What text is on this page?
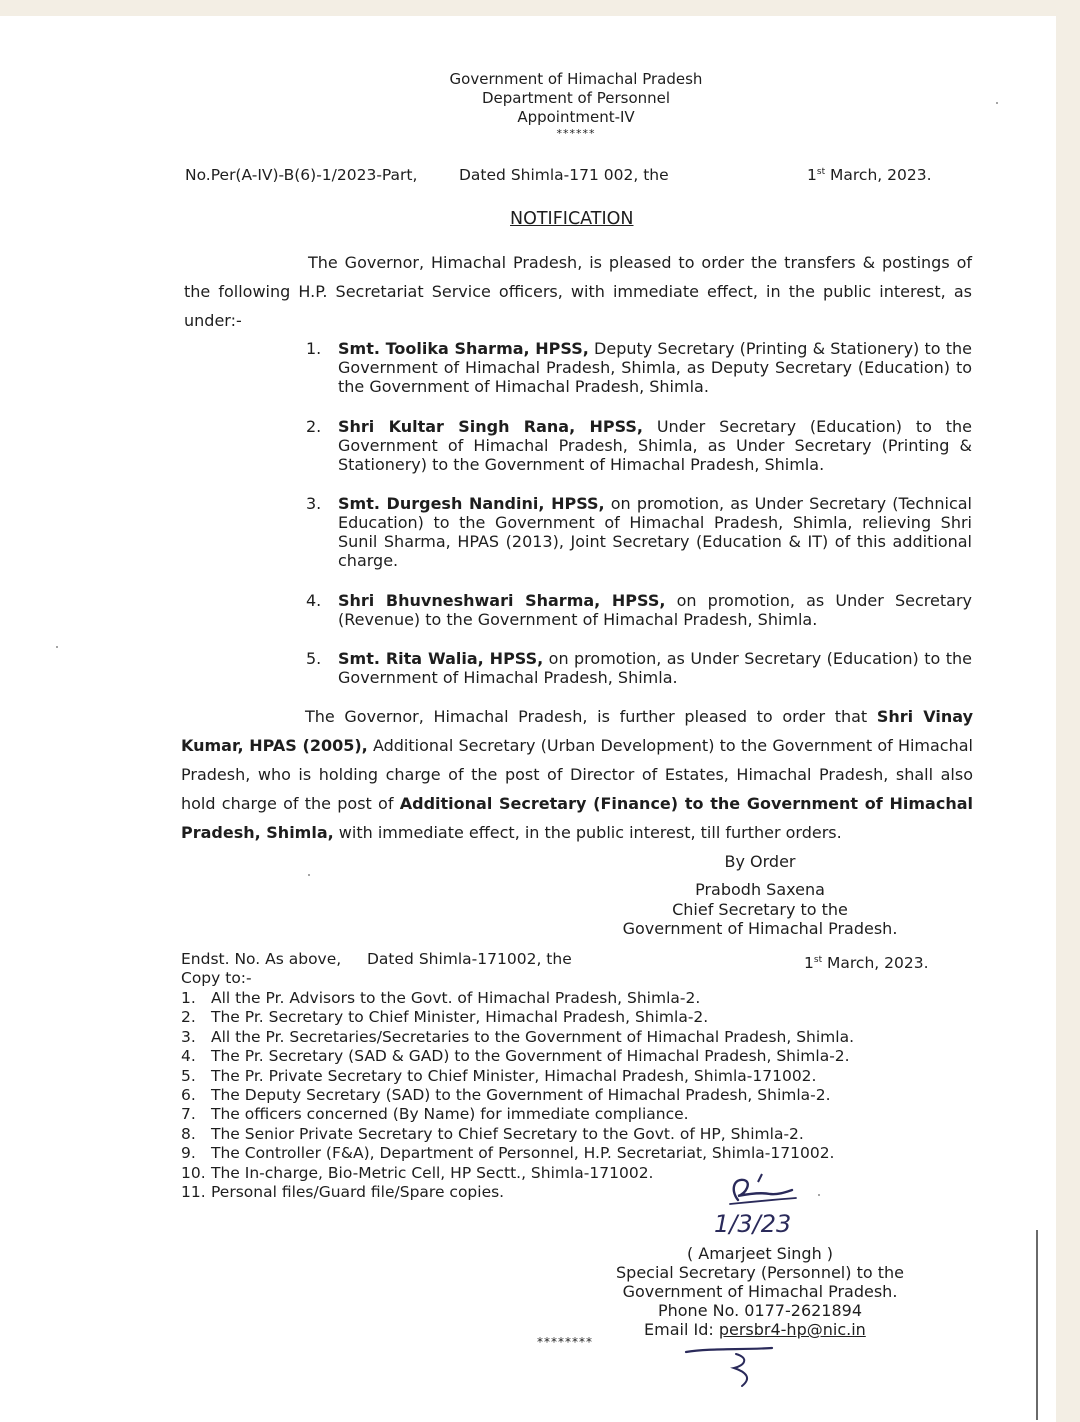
Government of Himachal Pradesh
Department of Personnel
Appointment-IV
******
No.Per(A-IV)-B(6)-1/2023-Part,	Dated Shimla-171 002, the	1st March, 2023.
NOTIFICATION
The Governor, Himachal Pradesh, is pleased to order the transfers & postings of the following H.P. Secretariat Service officers, with immediate effect, in the public interest, as under:-
1.	Smt. Toolika Sharma, HPSS, Deputy Secretary (Printing & Stationery) to the Government of Himachal Pradesh, Shimla, as Deputy Secretary (Education) to the Government of Himachal Pradesh, Shimla.
2.	Shri Kultar Singh Rana, HPSS, Under Secretary (Education) to the Government of Himachal Pradesh, Shimla, as Under Secretary (Printing & Stationery) to the Government of Himachal Pradesh, Shimla.
3.	Smt. Durgesh Nandini, HPSS, on promotion, as Under Secretary (Technical Education) to the Government of Himachal Pradesh, Shimla, relieving Shri Sunil Sharma, HPAS (2013), Joint Secretary (Education & IT) of this additional charge.
4.	Shri Bhuvneshwari Sharma, HPSS, on promotion, as Under Secretary (Revenue) to the Government of Himachal Pradesh, Shimla.
5.	Smt. Rita Walia, HPSS, on promotion, as Under Secretary (Education) to the Government of Himachal Pradesh, Shimla.
The Governor, Himachal Pradesh, is further pleased to order that Shri Vinay Kumar, HPAS (2005), Additional Secretary (Urban Development) to the Government of Himachal Pradesh, who is holding charge of the post of Director of Estates, Himachal Pradesh, shall also hold charge of the post of Additional Secretary (Finance) to the Government of Himachal Pradesh, Shimla, with immediate effect, in the public interest, till further orders.
By Order
Prabodh Saxena
Chief Secretary to the
Government of Himachal Pradesh.
Endst. No. As above, Dated Shimla-171002, the	1st March, 2023.
Copy to:-
1. All the Pr. Advisors to the Govt. of Himachal Pradesh, Shimla-2.
2. The Pr. Secretary to Chief Minister, Himachal Pradesh, Shimla-2.
3. All the Pr. Secretaries/Secretaries to the Government of Himachal Pradesh, Shimla.
4. The Pr. Secretary (SAD & GAD) to the Government of Himachal Pradesh, Shimla-2.
5. The Pr. Private Secretary to Chief Minister, Himachal Pradesh, Shimla-171002.
6. The Deputy Secretary (SAD) to the Government of Himachal Pradesh, Shimla-2.
7. The officers concerned (By Name) for immediate compliance.
8. The Senior Private Secretary to Chief Secretary to the Govt. of HP, Shimla-2.
9. The Controller (F&A), Department of Personnel, H.P. Secretariat, Shimla-171002.
10. The In-charge, Bio-Metric Cell, HP Sectt., Shimla-171002.
11. Personal files/Guard file/Spare copies.
1/3/23
( Amarjeet Singh )
Special Secretary (Personnel) to the
Government of Himachal Pradesh.
Phone No. 0177-2621894
Email Id: persbr4-hp@nic.in
********
